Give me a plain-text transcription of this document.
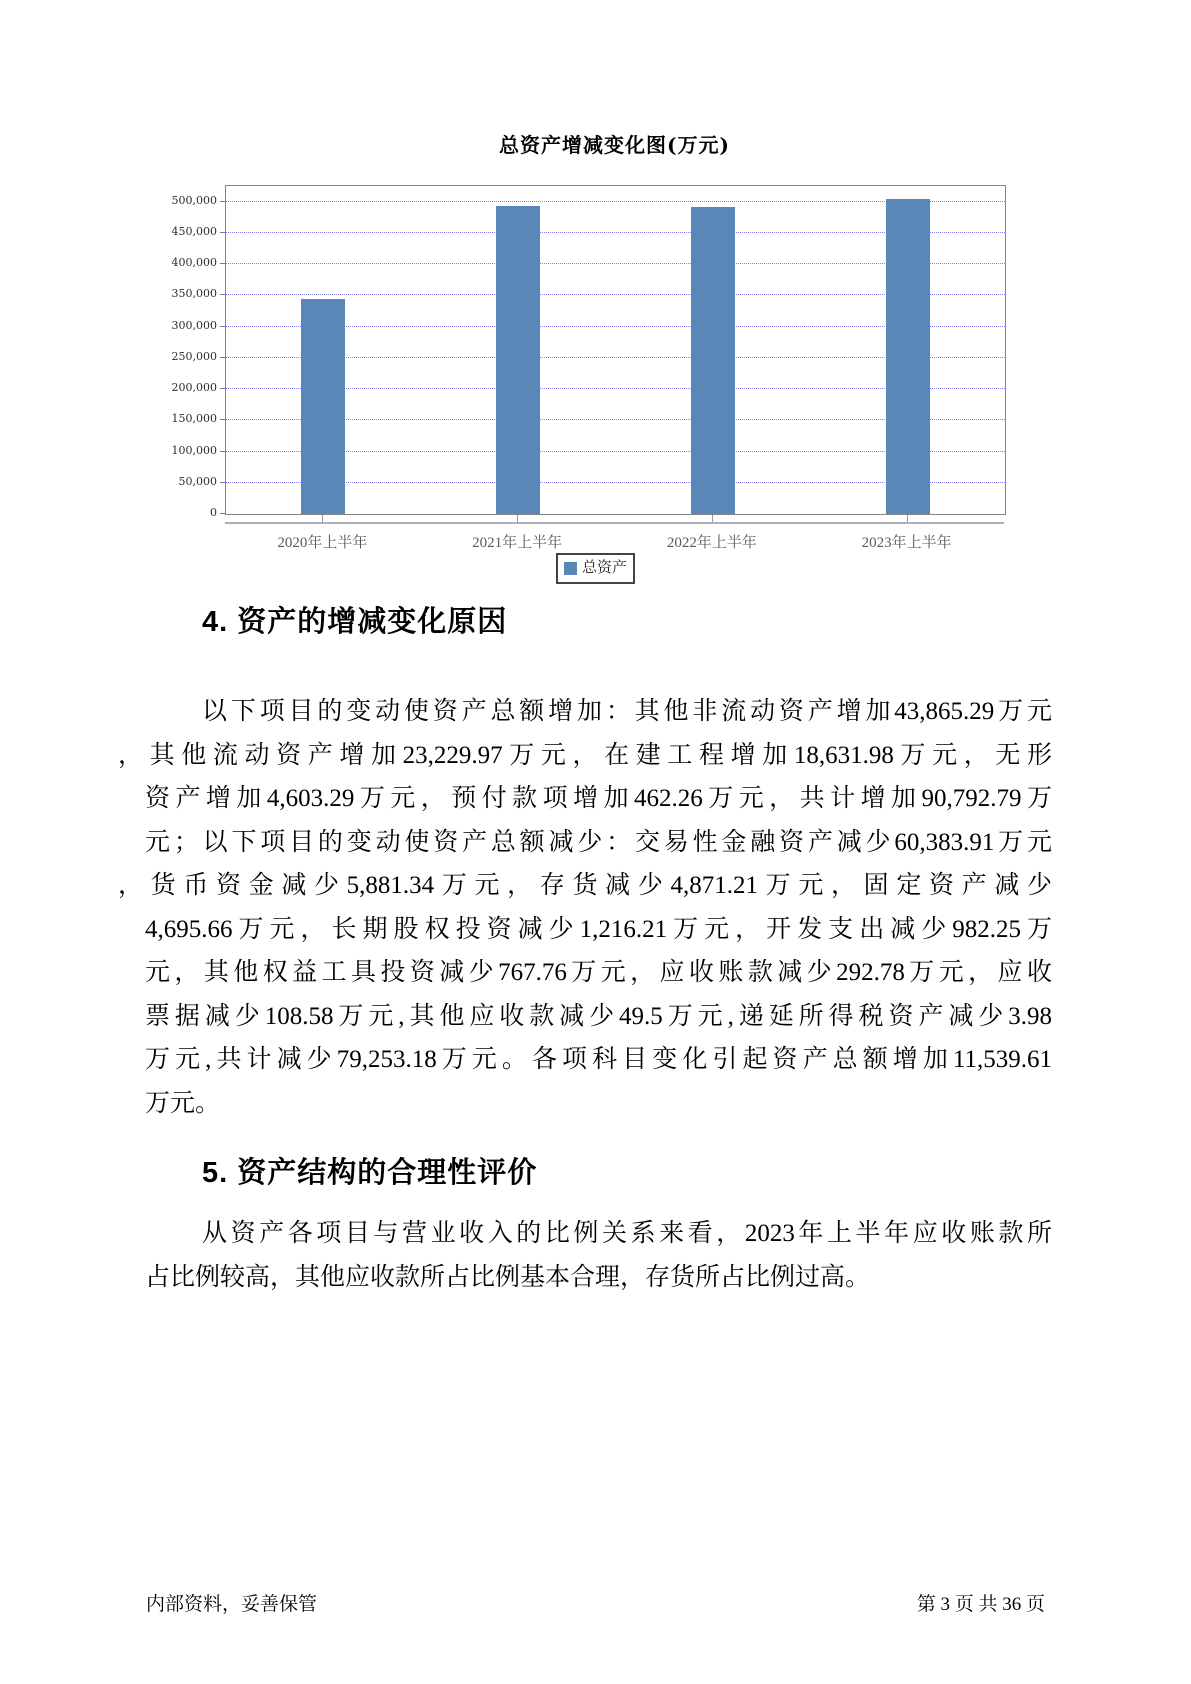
总资产增减变化图(万元)
0
50,000
100,000
150,000
200,000
250,000
300,000
350,000
400,000
450,000
500,000
2020年上半年	2021年上半年	2022年上半年	2023年上半年
总资产
4. 资产的增减变化原因
以下项目的变动使资产总额增加：其他非流动资产增加43,865.29万元
，其他流动资产增加23,229.97万元，在建工程增加18,631.98万元，无形
资产增加4,603.29万元，预付款项增加462.26万元，共计增加90,792.79万
元；以下项目的变动使资产总额减少：交易性金融资产减少60,383.91万元
，货币资金减少5,881.34万元，存货减少4,871.21万元，固定资产减少
4,695.66万元，长期股权投资减少1,216.21万元，开发支出减少982.25万
元，其他权益工具投资减少767.76万元，应收账款减少292.78万元，应收
票据减少108.58万元,其他应收款减少49.5万元,递延所得税资产减少3.98
万元,共计减少79,253.18万元。各项科目变化引起资产总额增加11,539.61
万元。
5. 资产结构的合理性评价
从资产各项目与营业收入的比例关系来看，2023年上半年应收账款所
占比例较高，其他应收款所占比例基本合理，存货所占比例过高。
内部资料，妥善保管	第 3 页 共 36 页
